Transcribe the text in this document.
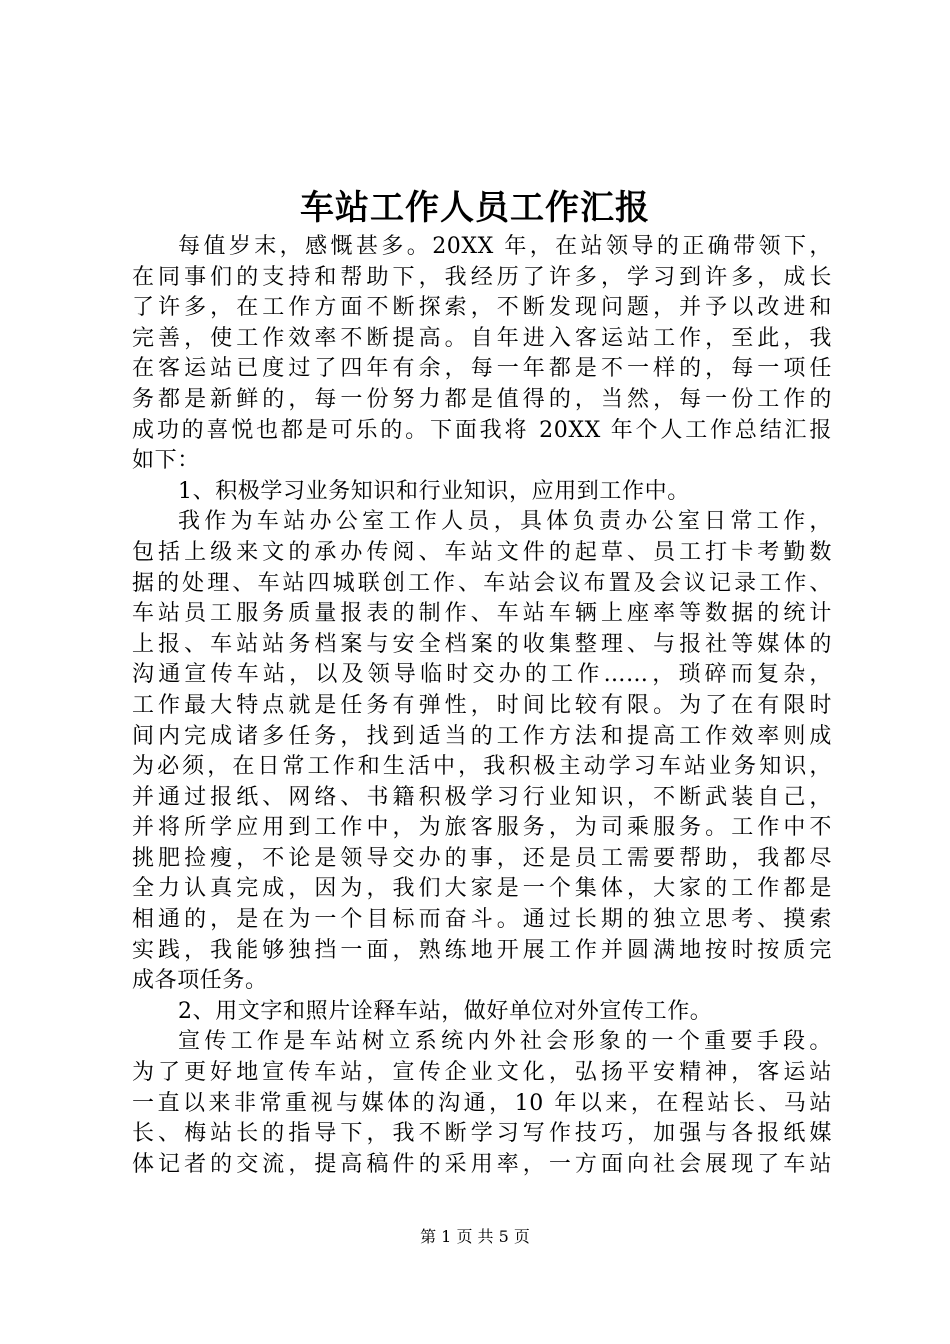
车站工作人员工作汇报
每值岁末，感慨甚多。20XX 年，在站领导的正确带领下，
在同事们的支持和帮助下，我经历了许多，学习到许多，成长
了许多，在工作方面不断探索，不断发现问题，并予以改进和
完善，使工作效率不断提高。自年进入客运站工作，至此，我
在客运站已度过了四年有余，每一年都是不一样的，每一项任
务都是新鲜的，每一份努力都是值得的，当然，每一份工作的
成功的喜悦也都是可乐的。下面我将 20XX 年个人工作总结汇报
如下：
1、积极学习业务知识和行业知识，应用到工作中。
我作为车站办公室工作人员，具体负责办公室日常工作，
包括上级来文的承办传阅、车站文件的起草、员工打卡考勤数
据的处理、车站四城联创工作、车站会议布置及会议记录工作、
车站员工服务质量报表的制作、车站车辆上座率等数据的统计
上报、车站站务档案与安全档案的收集整理、与报社等媒体的
沟通宣传车站，以及领导临时交办的工作……，琐碎而复杂，
工作最大特点就是任务有弹性，时间比较有限。为了在有限时
间内完成诸多任务，找到适当的工作方法和提高工作效率则成
为必须，在日常工作和生活中，我积极主动学习车站业务知识，
并通过报纸、网络、书籍积极学习行业知识，不断武装自己，
并将所学应用到工作中，为旅客服务，为司乘服务。工作中不
挑肥捡瘦，不论是领导交办的事，还是员工需要帮助，我都尽
全力认真完成，因为，我们大家是一个集体，大家的工作都是
相通的，是在为一个目标而奋斗。通过长期的独立思考、摸索
实践，我能够独挡一面，熟练地开展工作并圆满地按时按质完
成各项任务。
2、用文字和照片诠释车站，做好单位对外宣传工作。
宣传工作是车站树立系统内外社会形象的一个重要手段。
为了更好地宣传车站，宣传企业文化，弘扬平安精神，客运站
一直以来非常重视与媒体的沟通，10 年以来，在程站长、马站
长、梅站长的指导下，我不断学习写作技巧，加强与各报纸媒
体记者的交流，提高稿件的采用率，一方面向社会展现了车站
第 1 页 共 5 页
